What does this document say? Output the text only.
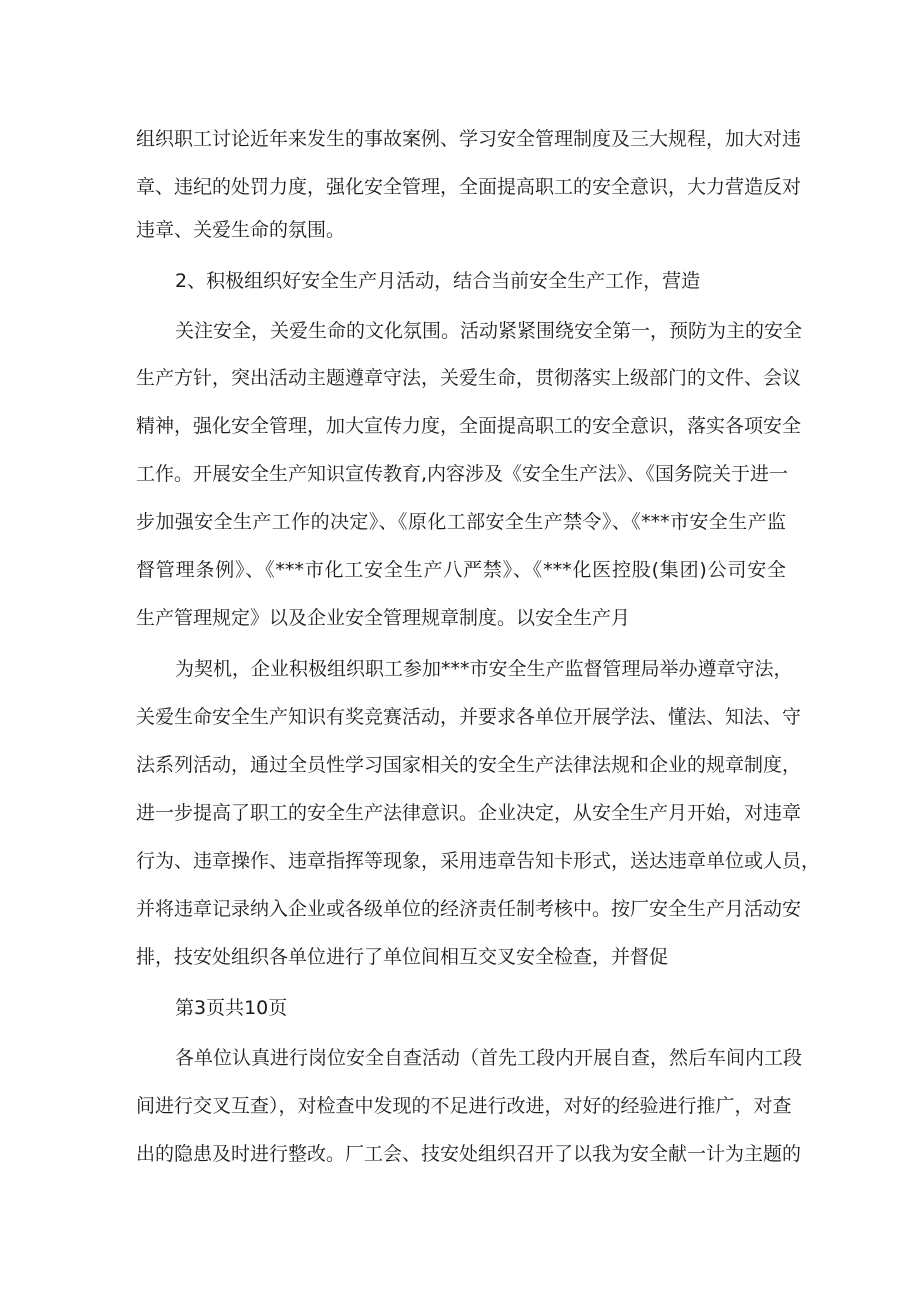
组织职工讨论近年来发生的事故案例、学习安全管理制度及三大规程，加大对违
章、违纪的处罚力度，强化安全管理，全面提高职工的安全意识，大力营造反对
违章、关爱生命的氛围。
2、积极组织好安全生产月活动，结合当前安全生产工作，营造
关注安全，关爱生命的文化氛围。活动紧紧围绕安全第一，预防为主的安全
生产方针，突出活动主题遵章守法，关爱生命，贯彻落实上级部门的文件、会议
精神，强化安全管理，加大宣传力度，全面提高职工的安全意识，落实各项安全
工作。开展安全生产知识宣传教育,内容涉及《安全生产法》、《国务院关于进一
步加强安全生产工作的决定》、《原化工部安全生产禁令》、《***市安全生产监
督管理条例》、《***市化工安全生产八严禁》、《***化医控股(集团)公司安全
生产管理规定》以及企业安全管理规章制度。以安全生产月
为契机，企业积极组织职工参加***市安全生产监督管理局举办遵章守法，
关爱生命安全生产知识有奖竞赛活动，并要求各单位开展学法、懂法、知法、守
法系列活动，通过全员性学习国家相关的安全生产法律法规和企业的规章制度，
进一步提高了职工的安全生产法律意识。企业决定，从安全生产月开始，对违章
行为、违章操作、违章指挥等现象，采用违章告知卡形式，送达违章单位或人员，
并将违章记录纳入企业或各级单位的经济责任制考核中。按厂安全生产月活动安
排，技安处组织各单位进行了单位间相互交叉安全检查，并督促
第3页共10页
各单位认真进行岗位安全自查活动（首先工段内开展自查，然后车间内工段
间进行交叉互查），对检查中发现的不足进行改进，对好的经验进行推广，对查
出的隐患及时进行整改。厂工会、技安处组织召开了以我为安全献一计为主题的
